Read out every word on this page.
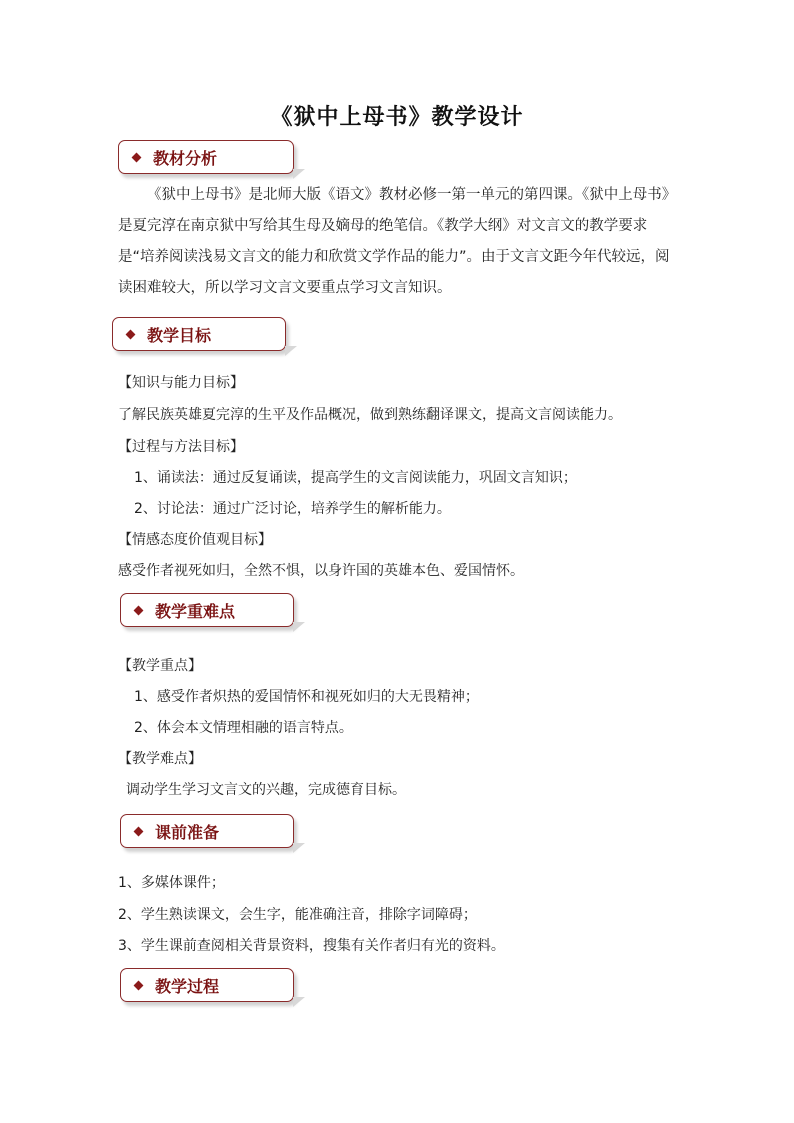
《狱中上母书》教学设计
教材分析
《狱中上母书》是北师大版《语文》教材必修一第一单元的第四课。《狱中上母书》是夏完淳在南京狱中写给其生母及嫡母的绝笔信。《教学大纲》对文言文的教学要求是“培养阅读浅易文言文的能力和欣赏文学作品的能力”。由于文言文距今年代较远，阅读困难较大，所以学习文言文要重点学习文言知识。
教学目标
【知识与能力目标】
了解民族英雄夏完淳的生平及作品概况，做到熟练翻译课文，提高文言阅读能力。
【过程与方法目标】
1、诵读法：通过反复诵读，提高学生的文言阅读能力，巩固文言知识；
2、讨论法：通过广泛讨论，培养学生的解析能力。
【情感态度价值观目标】
感受作者视死如归，全然不惧，以身许国的英雄本色、爱国情怀。
教学重难点
【教学重点】
1、感受作者炽热的爱国情怀和视死如归的大无畏精神；
2、体会本文情理相融的语言特点。
【教学难点】
调动学生学习文言文的兴趣，完成德育目标。
课前准备
1、多媒体课件；
2、学生熟读课文，会生字，能准确注音，排除字词障碍；
3、学生课前查阅相关背景资料，搜集有关作者归有光的资料。
教学过程
